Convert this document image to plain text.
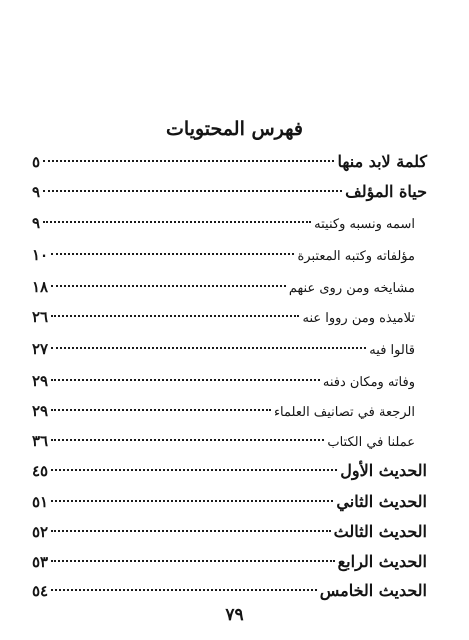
فهرس المحتويات
كلمة لابد منها
٥
حياة المؤلف
٩
اسمه ونسبه وكنيته
٩
مؤلفاته وكتبه المعتبرة
١٠
مشايخه ومن روى عنهم
١٨
تلاميذه ومن رووا عنه
٢٦
قالوا فيه
٢٧
وفاته ومكان دفنه
٢٩
الرجعة في تصانيف العلماء
٢٩
عملنا في الكتاب
٣٦
الحديث الأول
٤٥
الحديث الثاني
٥١
الحديث الثالث
٥٢
الحديث الرابع
٥٣
الحديث الخامس
٥٤
٧٩
